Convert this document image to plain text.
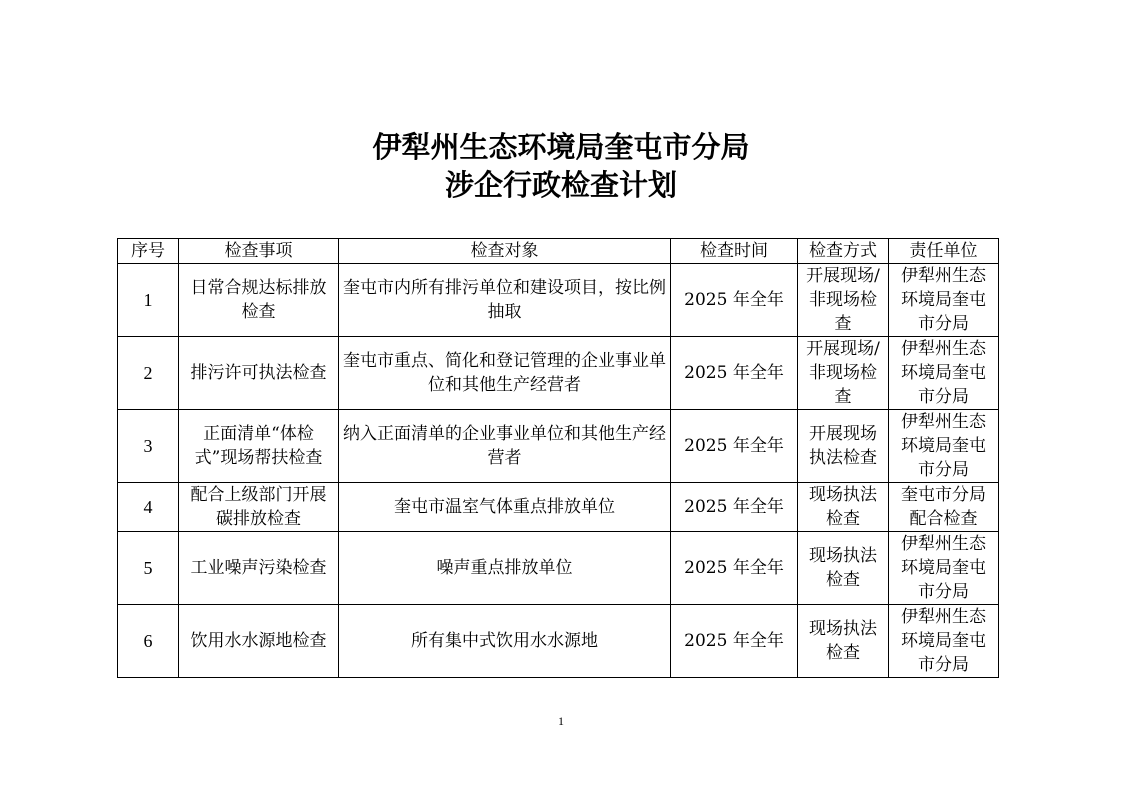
伊犁州生态环境局奎屯市分局
涉企行政检查计划
序号	检查事项	检查对象	检查时间	检查方式	责任单位
1	日常合规达标排放检查	奎屯市内所有排污单位和建设项目，按比例抽取	2025 年全年	开展现场/非现场检查	伊犁州生态环境局奎屯市分局
2	排污许可执法检查	奎屯市重点、简化和登记管理的企业事业单位和其他生产经营者	2025 年全年	开展现场/非现场检查	伊犁州生态环境局奎屯市分局
3	正面清单“体检式”现场帮扶检查	纳入正面清单的企业事业单位和其他生产经营者	2025 年全年	开展现场执法检查	伊犁州生态环境局奎屯市分局
4	配合上级部门开展碳排放检查	奎屯市温室气体重点排放单位	2025 年全年	现场执法检查	奎屯市分局配合检查
5	工业噪声污染检查	噪声重点排放单位	2025 年全年	现场执法检查	伊犁州生态环境局奎屯市分局
6	饮用水水源地检查	所有集中式饮用水水源地	2025 年全年	现场执法检查	伊犁州生态环境局奎屯市分局
1
